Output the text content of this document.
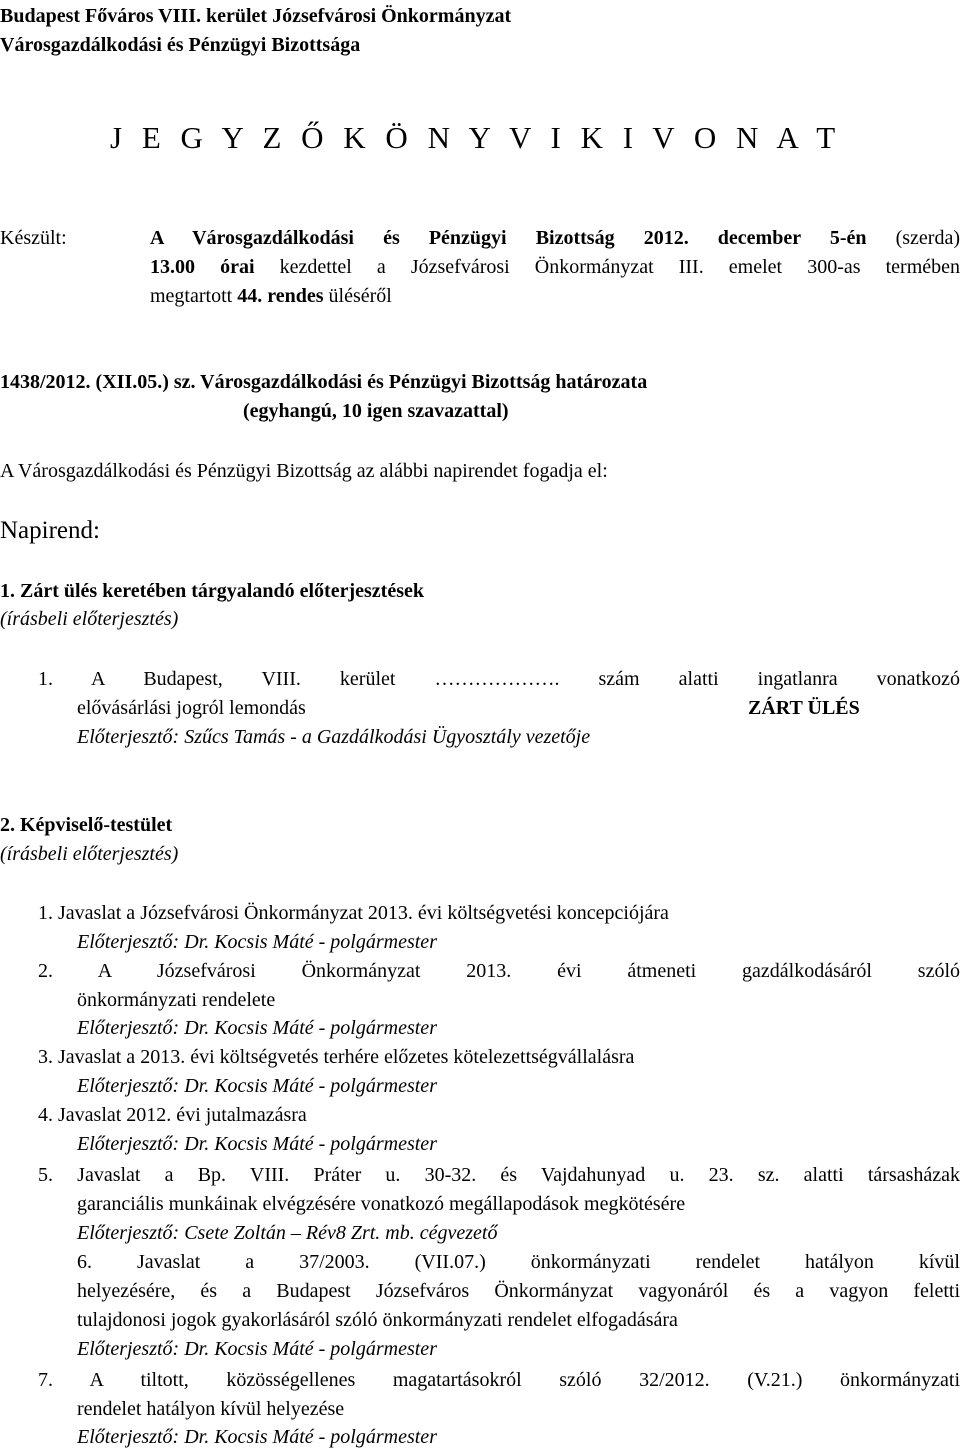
Budapest Főváros VIII. kerület Józsefvárosi Önkormányzat
Városgazdálkodási és Pénzügyi Bizottsága
J E G Y Z Ő K Ö N Y V I K I V O N A T
Készült:	A Városgazdálkodási és Pénzügyi Bizottság 2012. december 5-én (szerda)
13.00 órai kezdettel a Józsefvárosi Önkormányzat III. emelet 300-as termében
megtartott 44. rendes üléséről
1438/2012. (XII.05.) sz. Városgazdálkodási és Pénzügyi Bizottság határozata
(egyhangú, 10 igen szavazattal)
A Városgazdálkodási és Pénzügyi Bizottság az alábbi napirendet fogadja el:
Napirend:
1. Zárt ülés keretében tárgyalandó előterjesztések
(írásbeli előterjesztés)
1. A Budapest, VIII. kerület ………………. szám alatti ingatlanra vonatkozó
elővásárlási jogról lemondás	ZÁRT ÜLÉS
Előterjesztő: Szűcs Tamás - a Gazdálkodási Ügyosztály vezetője
2. Képviselő-testület
(írásbeli előterjesztés)
1. Javaslat a Józsefvárosi Önkormányzat 2013. évi költségvetési koncepciójára
Előterjesztő: Dr. Kocsis Máté - polgármester
2. A Józsefvárosi Önkormányzat 2013. évi átmeneti gazdálkodásáról szóló
önkormányzati rendelete
Előterjesztő: Dr. Kocsis Máté - polgármester
3. Javaslat a 2013. évi költségvetés terhére előzetes kötelezettségvállalásra
Előterjesztő: Dr. Kocsis Máté - polgármester
4. Javaslat 2012. évi jutalmazásra
Előterjesztő: Dr. Kocsis Máté - polgármester
5. Javaslat a Bp. VIII. Práter u. 30-32. és Vajdahunyad u. 23. sz. alatti társasházak
garanciális munkáinak elvégzésére vonatkozó megállapodások megkötésére
Előterjesztő: Csete Zoltán – Rév8 Zrt. mb. cégvezető
6. Javaslat a 37/2003. (VII.07.) önkormányzati rendelet hatályon kívül
helyezésére, és a Budapest Józsefváros Önkormányzat vagyonáról és a vagyon feletti
tulajdonosi jogok gyakorlásáról szóló önkormányzati rendelet elfogadására
Előterjesztő: Dr. Kocsis Máté - polgármester
7. A tiltott, közösségellenes magatartásokról szóló 32/2012. (V.21.) önkormányzati
rendelet hatályon kívül helyezése
Előterjesztő: Dr. Kocsis Máté - polgármester
